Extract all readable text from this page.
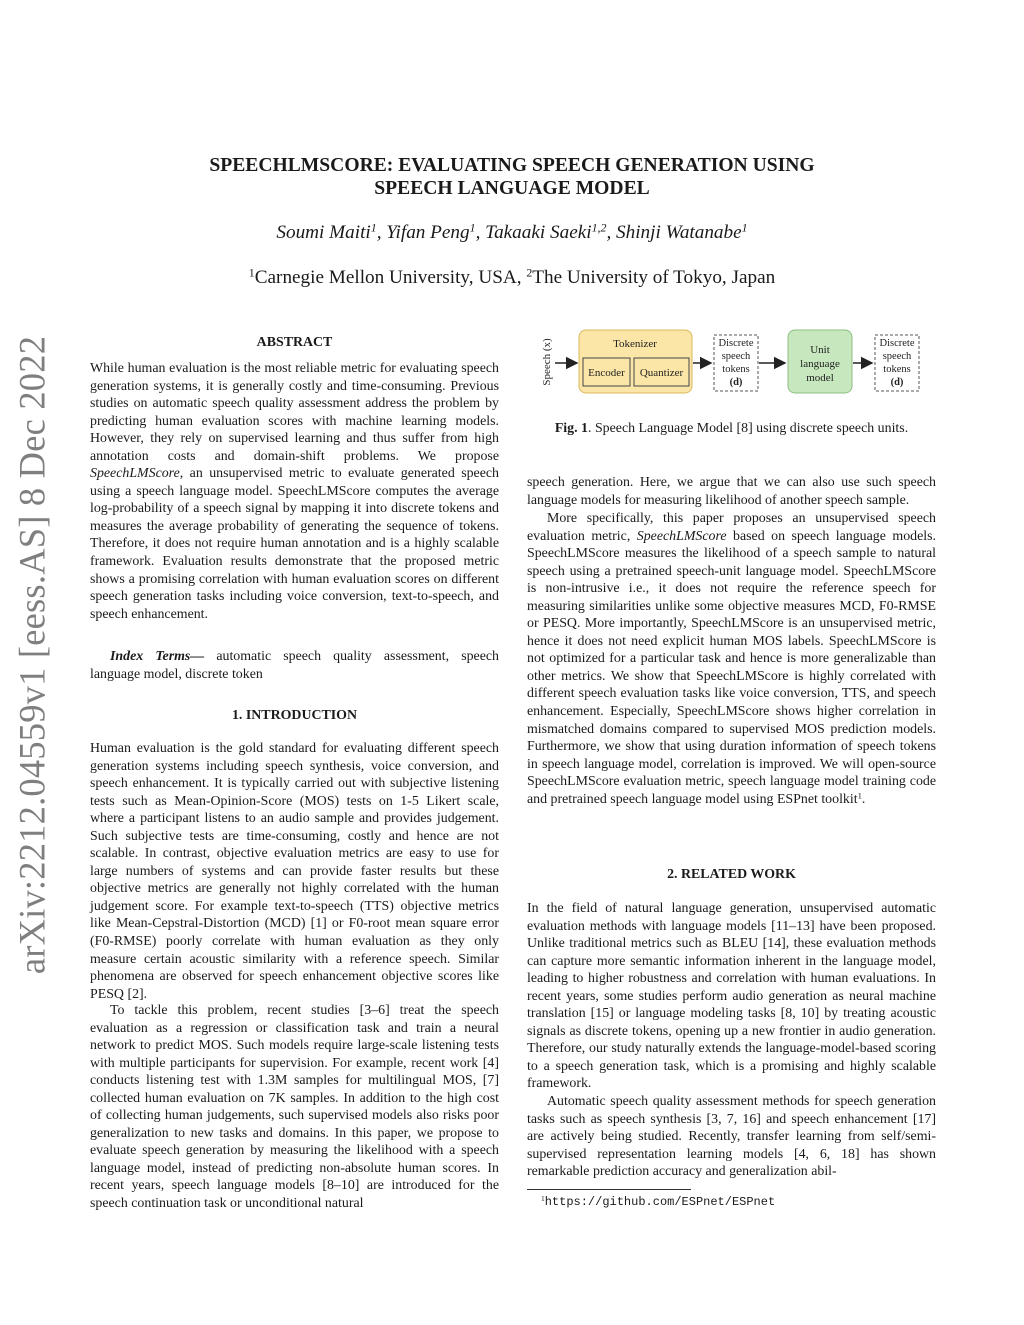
arXiv:2212.04559v1 [eess.AS] 8 Dec 2022
SPEECHLMSCORE: EVALUATING SPEECH GENERATION USING
SPEECH LANGUAGE MODEL
Soumi Maiti$^1$, Yifan Peng$^1$, Takaaki Saeki$^{1,2}$, Shinji Watanabe$^1$
$^1$Carnegie Mellon University, USA, $^2$The University of Tokyo, Japan
ABSTRACT

While human evaluation is the most reliable metric for evaluating speech generation systems, it is generally costly and time-consuming. Previous studies on automatic speech quality assessment address the problem by predicting human evaluation scores with machine learning models. However, they rely on supervised learning and thus suffer from high annotation costs and domain-shift problems. We propose SpeechLMScore, an unsupervised metric to evaluate generated speech using a speech language model. SpeechLMScore computes the average log-probability of a speech signal by mapping it into discrete tokens and measures the average probability of generating the sequence of tokens. Therefore, it does not require human annotation and is a highly scalable framework. Evaluation results demonstrate that the proposed metric shows a promising correlation with human evaluation scores on different speech generation tasks including voice conversion, text-to-speech, and speech enhancement.

Index Terms— automatic speech quality assessment, speech language model, discrete token

1. INTRODUCTION

Human evaluation is the gold standard for evaluating different speech generation systems including speech synthesis, voice conversion, and speech enhancement. It is typically carried out with subjective listening tests such as Mean-Opinion-Score (MOS) tests on 1-5 Likert scale, where a participant listens to an audio sample and provides judgement. Such subjective tests are time-consuming, costly and hence are not scalable. In contrast, objective evaluation metrics are easy to use for large numbers of systems and can provide faster results but these objective metrics are generally not highly correlated with the human judgement score. For example text-to-speech (TTS) objective metrics like Mean-Cepstral-Distortion (MCD) [1] or F0-root mean square error (F0-RMSE) poorly correlate with human evaluation as they only measure certain acoustic similarity with a reference speech. Similar phenomena are observed for speech enhancement objective scores like PESQ [2].

To tackle this problem, recent studies [3–6] treat the speech evaluation as a regression or classification task and train a neural network to predict MOS. Such models require large-scale listening tests with multiple participants for supervision. For example, recent work [4] conducts listening test with 1.3M samples for multilingual MOS, [7] collected human evaluation on 7K samples. In addition to the high cost of collecting human judgements, such supervised models also risks poor generalization to new tasks and domains. In this paper, we propose to evaluate speech generation by measuring the likelihood with a speech language model, instead of predicting non-absolute human scores. In recent years, speech language models [8–10] are introduced for the speech continuation task or unconditional natural

Speech (x)	Tokenizer
Encoder Quantizer
Discrete
speech
tokens
(d)
Unit
language
model
Discrete
speech
tokens
(d)
Fig. 1. Speech Language Model [8] using discrete speech units.

speech generation. Here, we argue that we can also use such speech language models for measuring likelihood of another speech sample.

More specifically, this paper proposes an unsupervised speech evaluation metric, SpeechLMScore based on speech language models. SpeechLMScore measures the likelihood of a speech sample to natural speech using a pretrained speech-unit language model. SpeechLMScore is non-intrusive i.e., it does not require the reference speech for measuring similarities unlike some objective measures MCD, F0-RMSE or PESQ. More importantly, SpeechLMScore is an unsupervised metric, hence it does not need explicit human MOS labels. SpeechLMScore is not optimized for a particular task and hence is more generalizable than other metrics. We show that SpeechLMScore is highly correlated with different speech evaluation tasks like voice conversion, TTS, and speech enhancement. Especially, SpeechLMScore shows higher correlation in mismatched domains compared to supervised MOS prediction models. Furthermore, we show that using duration information of speech tokens in speech language model, correlation is improved. We will open-source SpeechLMScore evaluation metric, speech language model training code and pretrained speech language model using ESPnet toolkit$^1$.

2. RELATED WORK

In the field of natural language generation, unsupervised automatic evaluation methods with language models [11–13] have been proposed. Unlike traditional metrics such as BLEU [14], these evaluation methods can capture more semantic information inherent in the language model, leading to higher robustness and correlation with human evaluations. In recent years, some studies perform audio generation as neural machine translation [15] or language modeling tasks [8, 10] by treating acoustic signals as discrete tokens, opening up a new frontier in audio generation. Therefore, our study naturally extends the language-model-based scoring to a speech generation task, which is a promising and highly scalable framework.

Automatic speech quality assessment methods for speech generation tasks such as speech synthesis [3, 7, 16] and speech enhancement [17] are actively being studied. Recently, transfer learning from self/semi-supervised representation learning models [4, 6, 18] has shown remarkable prediction accuracy and generalization abil-

$^1$https://github.com/ESPnet/ESPnet
